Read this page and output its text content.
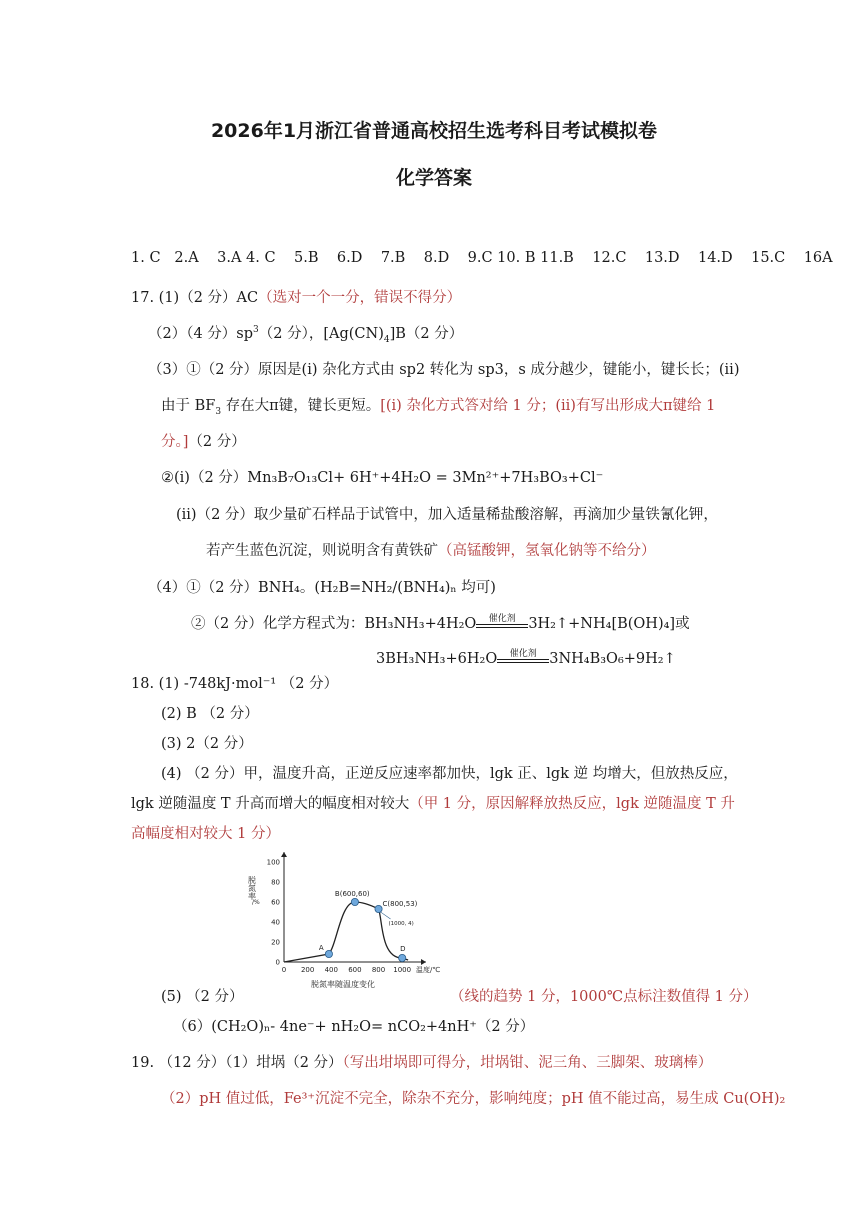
2026年1月浙江省普通高校招生选考科目考试模拟卷
化学答案
1. C   2.A    3.A 4. C    5.B    6.D    7.B    8.D    9.C 10. B 11.B    12.C    13.D    14.D    15.C    16A
17. (1)（2 分）AC（选对一个一分，错误不得分）
（2）（4 分）$sp^3(2$ 分），$[Ag(CN)_4]B(2$ 分）
（3）①（2 分）原因是(i) 杂化方式由 sp2 转化为 sp3，s 成分越少，键能小，键长长；(ii)
由于 $BF_3$ 存在大π键，键长更短。[(i) 杂化方式答对给 1 分；(ii)有写出形成大π键给 1
分。]（2 分）
②(i)（2 分）Mn₃B₇O₁₃Cl+ 6H⁺+4H₂O = 3Mn²⁺+7H₃BO₃+Cl⁻
(ii)（2 分）取少量矿石样品于试管中，加入适量稀盐酸溶解，再滴加少量铁氰化钾，
若产生蓝色沉淀，则说明含有黄铁矿（高锰酸钾，氢氧化钠等不给分）
（4）①（2 分）BNH₄。(H₂B=NH₂/(BNH₄)ₙ 均可)
②（2 分）化学方程式为：BH₃NH₃+4H₂O	催化剂 3H₂↑+NH₄[B(OH)₄]或
3BH₃NH₃+6H₂O	催化剂 3NH₄B₃O₆+9H₂↑
18. (1) -748kJ·mol⁻¹ （2 分）
(2) B （2 分）
(3) 2（2 分）
(4) （2 分）甲，温度升高，正逆反应速率都加快，lgk 正、lgk 逆 均增大，但放热反应，
lgk 逆随温度 T 升高而增大的幅度相对较大（甲 1 分，原因解释放热反应，lgk 逆随温度 T 升
高幅度相对较大 1 分）
0 200 400 600 800 1000
0
20
40
60
80
100
温度/℃
脱氮率
/%
A
B(600,60)
C(800,53)
D
(1000, 4)
脱氮率随温度变化
(5) （2 分）	（线的趋势 1 分，1000℃点标注数值得 1 分）
（6）(CH₂O)ₙ- 4ne⁻+ nH₂O= nCO₂+4nH⁺（2 分）
19. （12 分）（1）坩埚（2 分）（写出坩埚即可得分，坩埚钳、泥三角、三脚架、玻璃棒）
（2）pH 值过低，Fe³⁺沉淀不完全，除杂不充分，影响纯度；pH 值不能过高，易生成 Cu(OH)₂
